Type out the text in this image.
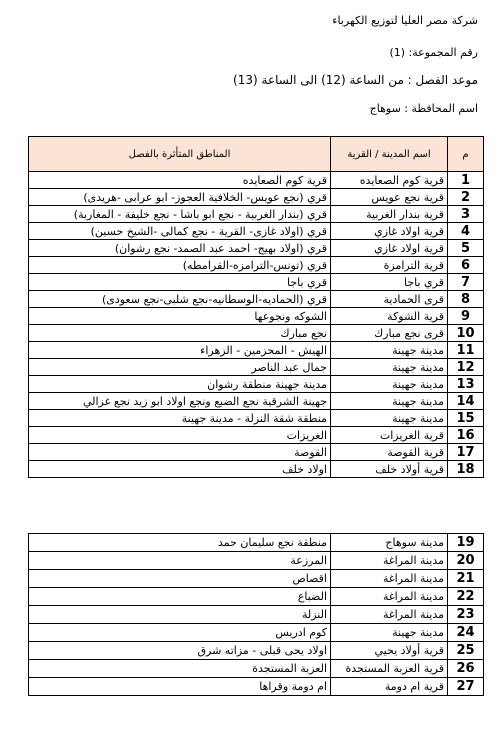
شركة مصر العليا لتوزيع الكهرباء
رقم المجموعة: (1)
موعد الفصل : من الساعة (12) الى الساعة (13)
اسم المحافظة : سوهاج
م	اسم المدينة / القرية	المناطق المتأثرة بالفصل
1	قرية كوم الصعايده	قرية كوم الصعايده
2	قرية نجع عويس	قري (نجع عويس- الخلافية العجوز- ابو عرابى -هريدى)
3	قرية بندار الغربية	قري (بندار الغربية - نجع ابو باشا - نجع خليفة - المغاربة)
4	قرية اولاد غازي	قري (اولاد غازى- القرية - نجع كمالى -الشيخ حسين)
5	قرية اولاد غازي	قري (اولاد بهيج- احمد عبد الصمد- نجع رشوان)
6	قرية الترامزة	قري (تونس-الترامزه-القرامطه)
7	قري باجا	قري باجا
8	قرى الحمادية	قري (الحماديه-الوسطانيه-نجع شلبى-نجع سعودى)
9	قرية الشوكة	الشوكه ونجوعها
10	قرى نجع مبارك	نجع مبارك
11	مدينة جهينة	الهيش - المحزمين - الزهراء
12	مدينة جهينة	جمال عبد الناصر
13	مدينة جهينة	مدينة جهينة منطقة رشوان
14	مدينة جهينة	جهينة الشرقية نجع الضبع ونجع اولاد ابو زيد نجع غزالي
15	مدينة جهينة	منطقة شقة النزلة - مدينة جهينة
16	قرية الغريزات	الغريزات
17	قرية القوصة	القوصة
18	قرية أولاد خلف	اولاد خلف
19	مدينة سوهاج	منطقة نجع سليمان حمد
20	مدينة المراغة	المرزعة
21	مدينة المراغة	اقصاص
22	مدينة المراغة	الضباع
23	مدينة المراغة	النزلة
24	مدينة جهينة	كوم ادريس
25	قرية أولاد يحيي	اولاد يحى قبلى - مزاته شرق
26	قرية العزبة المستجدة	العزبة المستجدة
27	قرية ام دومة	ام دومة وقراها
